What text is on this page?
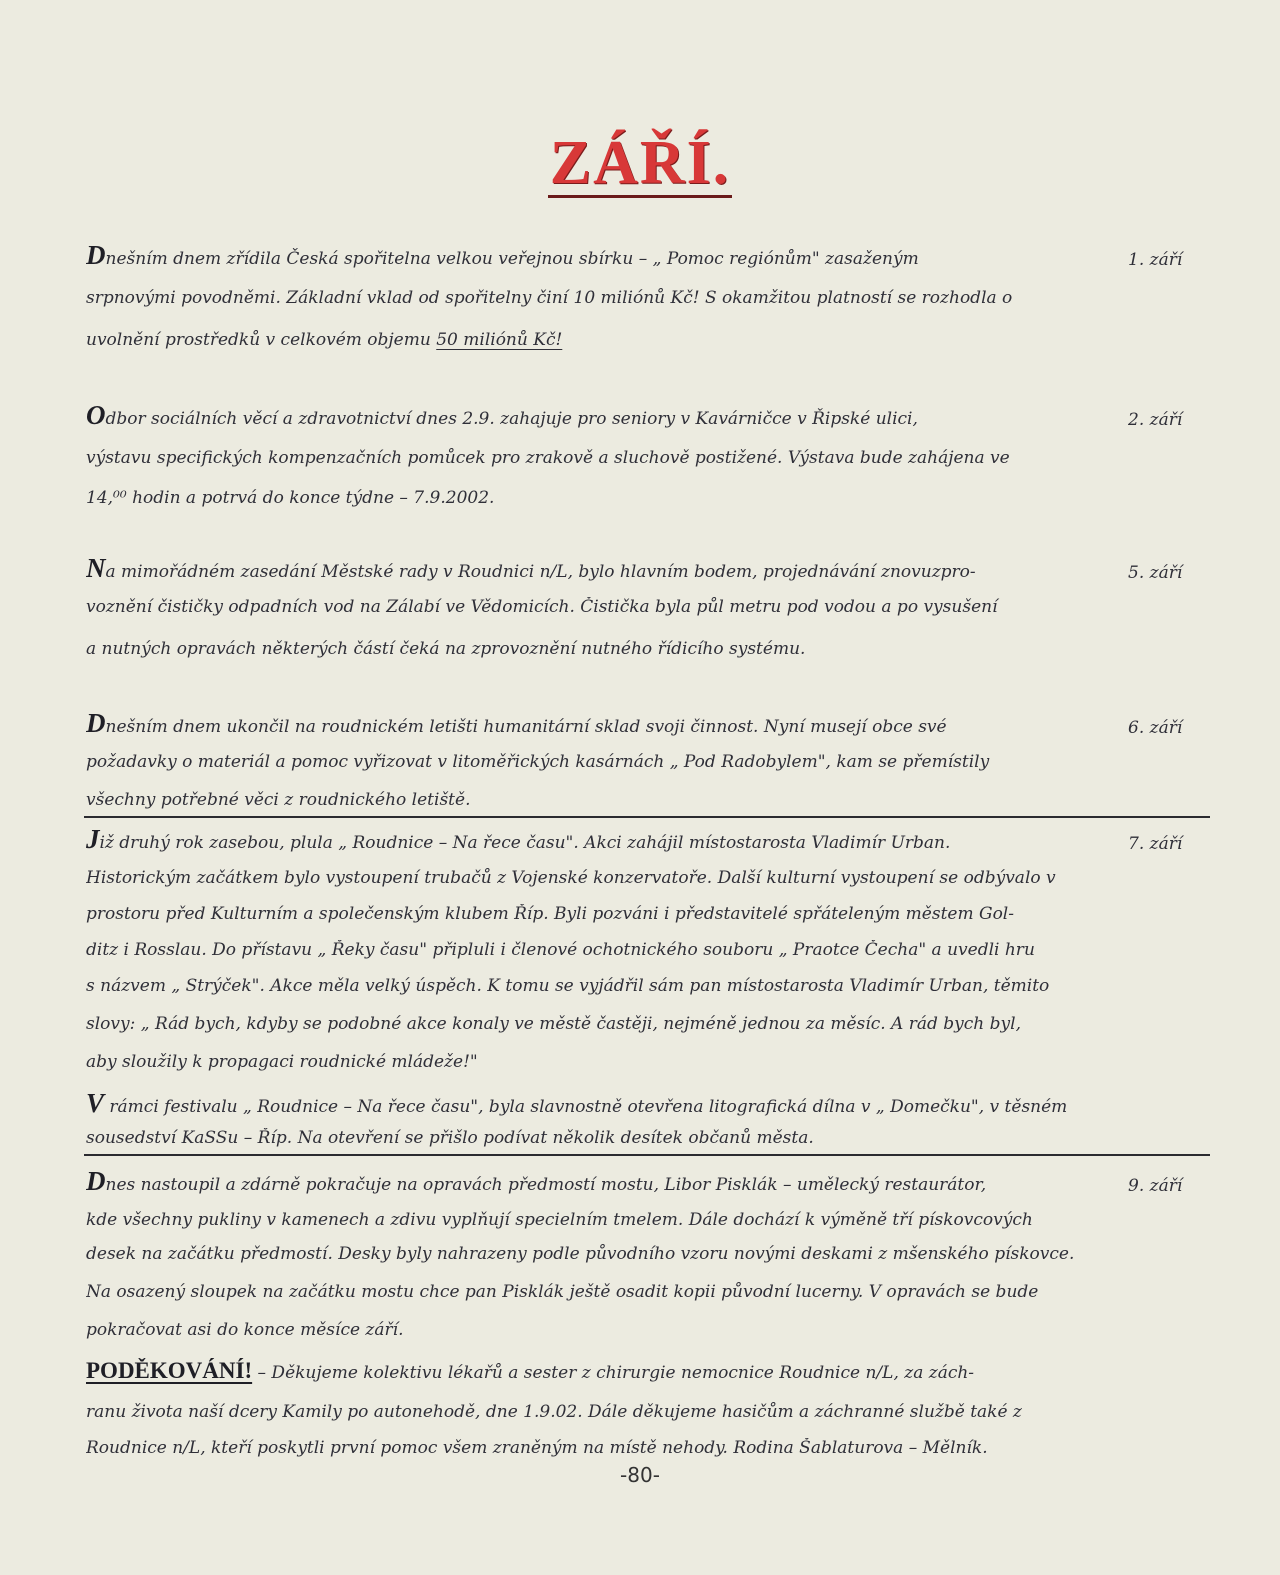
ZÁŘÍ.
1. září
Dnešním dnem zřídila Česká spořitelna velkou veřejnou sbírku – „ Pomoc regiónům" zasaženým
srpnovými povodněmi. Základní vklad od spořitelny činí 10 miliónů Kč! S okamžitou platností se rozhodla o
uvolnění prostředků v celkovém objemu 50 miliónů Kč!
2. září
Odbor sociálních věcí a zdravotnictví dnes 2.9. zahajuje pro seniory v Kavárničce v Řipské ulici,
výstavu specifických kompenzačních pomůcek pro zrakově a sluchově postižené. Výstava bude zahájena ve
14,⁰⁰ hodin a potrvá do konce týdne – 7.9.2002.
5. září
Na mimořádném zasedání Městské rady v Roudnici n/L, bylo hlavním bodem, projednávání znovuzpro-
voznění čističky odpadních vod na Zálabí ve Vědomicích. Čistička byla půl metru pod vodou a po vysušení
a nutných opravách některých částí čeká na zprovoznění nutného řídicího systému.
6. září
Dnešním dnem ukončil na roudnickém letišti humanitární sklad svoji činnost. Nyní musejí obce své
požadavky o materiál a pomoc vyřizovat v litoměřických kasárnách „ Pod Radobylem", kam se přemístily
všechny potřebné věci z roudnického letiště.
7. září
Již druhý rok zasebou, plula „ Roudnice – Na řece času". Akci zahájil místostarosta Vladimír Urban.
Historickým začátkem bylo vystoupení trubačů z Vojenské konzervatoře. Další kulturní vystoupení se odbývalo v
prostoru před Kulturním a společenským klubem Říp. Byli pozváni i představitelé spřáteleným městem Gol-
ditz i Rosslau. Do přístavu „ Řeky času" připluli i členové ochotnického souboru „ Praotce Čecha" a uvedli hru
s názvem „ Strýček". Akce měla velký úspěch. K tomu se vyjádřil sám pan místostarosta Vladimír Urban, těmito
slovy: „ Rád bych, kdyby se podobné akce konaly ve městě častěji, nejméně jednou za měsíc. A rád bych byl,
aby sloužily k propagaci roudnické mládeže!"
V rámci festivalu „ Roudnice – Na řece času", byla slavnostně otevřena litografická dílna v „ Domečku", v těsném
sousedství KaSSu – Říp. Na otevření se přišlo podívat několik desítek občanů města.
9. září
Dnes nastoupil a zdárně pokračuje na opravách předmostí mostu, Libor Pisklák – umělecký restaurátor,
kde všechny pukliny v kamenech a zdivu vyplňují specielním tmelem. Dále dochází k výměně tří pískovcových
desek na začátku předmostí. Desky byly nahrazeny podle původního vzoru novými deskami z mšenského pískovce.
Na osazený sloupek na začátku mostu chce pan Pisklák ještě osadit kopii původní lucerny. V opravách se bude
pokračovat asi do konce měsíce září.
PODĚKOVÁNÍ! – Děkujeme kolektivu lékařů a sester z chirurgie nemocnice Roudnice n/L, za zách-
ranu života naší dcery Kamily po autonehodě, dne 1.9.02. Dále děkujeme hasičům a záchranné službě také z
Roudnice n/L, kteří poskytli první pomoc všem zraněným na místě nehody. Rodina Šablaturova – Mělník.
-80-
